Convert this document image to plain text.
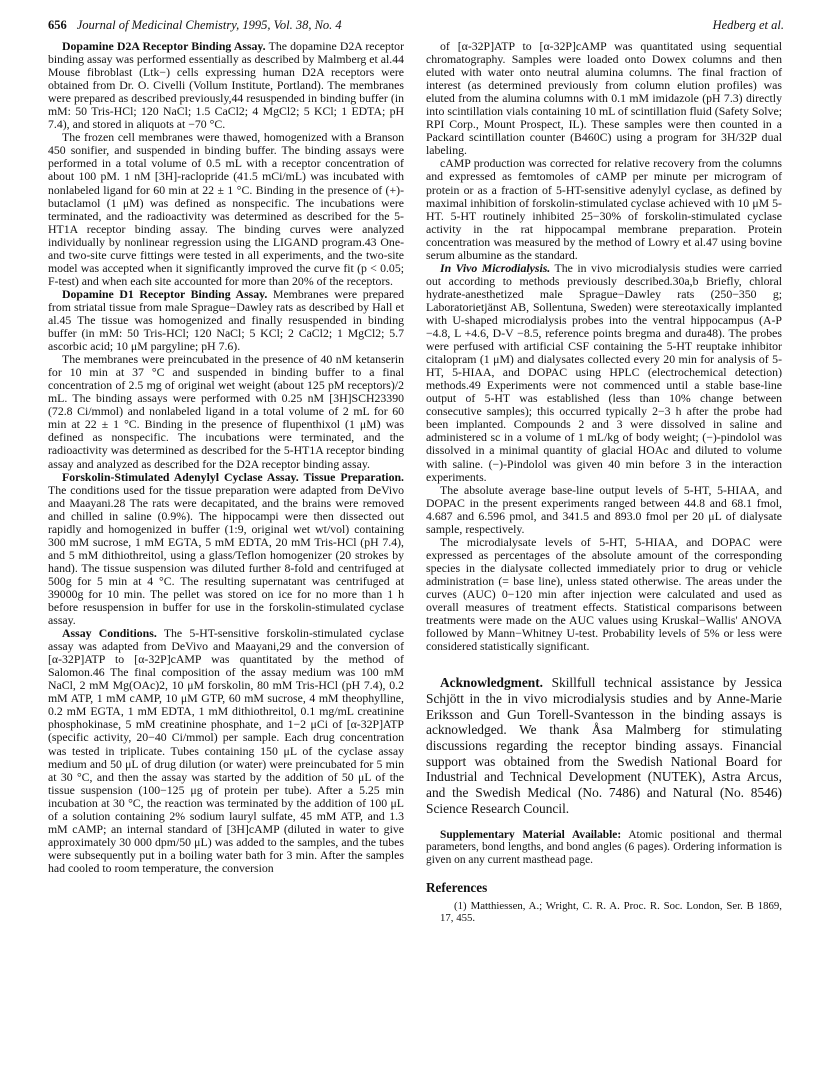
656 Journal of Medicinal Chemistry, 1995, Vol. 38, No. 4	Hedberg et al.

Dopamine D2A Receptor Binding Assay. The dopamine D2A receptor binding assay was performed essentially as described by Malmberg et al.44 Mouse fibroblast (Ltk−) cells expressing human D2A receptors were obtained from Dr. O. Civelli (Vollum Institute, Portland). The membranes were prepared as described previously,44 resuspended in binding buffer (in mM: 50 Tris-HCl; 120 NaCl; 1.5 CaCl2; 4 MgCl2; 5 KCl; 1 EDTA; pH 7.4), and stored in aliquots at −70 °C.

The frozen cell membranes were thawed, homogenized with a Branson 450 sonifier, and suspended in binding buffer. The binding assays were performed in a total volume of 0.5 mL with a receptor concentration of about 100 pM. 1 nM [3H]-raclopride (41.5 mCi/mL) was incubated with nonlabeled ligand for 60 min at 22 ± 1 °C. Binding in the presence of (+)-butaclamol (1 μM) was defined as nonspecific. The incubations were terminated, and the radioactivity was determined as described for the 5-HT1A receptor binding assay. The binding curves were analyzed individually by nonlinear regression using the LIGAND program.43 One- and two-site curve fittings were tested in all experiments, and the two-site model was accepted when it significantly improved the curve fit (p < 0.05; F-test) and when each site accounted for more than 20% of the receptors.

Dopamine D1 Receptor Binding Assay. Membranes were prepared from striatal tissue from male Sprague−Dawley rats as described by Hall et al.45 The tissue was homogenized and finally resuspended in binding buffer (in mM: 50 Tris-HCl; 120 NaCl; 5 KCl; 2 CaCl2; 1 MgCl2; 5.7 ascorbic acid; 10 μM pargyline; pH 7.6).

The membranes were preincubated in the presence of 40 nM ketanserin for 10 min at 37 °C and suspended in binding buffer to a final concentration of 2.5 mg of original wet weight (about 125 pM receptors)/2 mL. The binding assays were performed with 0.25 nM [3H]SCH23390 (72.8 Ci/mmol) and nonlabeled ligand in a total volume of 2 mL for 60 min at 22 ± 1 °C. Binding in the presence of flupenthixol (1 μM) was defined as nonspecific. The incubations were terminated, and the radioactivity was determined as described for the 5-HT1A receptor binding assay and analyzed as described for the D2A receptor binding assay.

Forskolin-Stimulated Adenylyl Cyclase Assay. Tissue Preparation. The conditions used for the tissue preparation were adapted from DeVivo and Maayani.28 The rats were decapitated, and the brains were removed and chilled in saline (0.9%). The hippocampi were then dissected out rapidly and homogenized in buffer (1:9, original wet wt/vol) containing 300 mM sucrose, 1 mM EGTA, 5 mM EDTA, 20 mM Tris-HCl (pH 7.4), and 5 mM dithiothreitol, using a glass/Teflon homogenizer (20 strokes by hand). The tissue suspension was diluted further 8-fold and centrifuged at 500g for 5 min at 4 °C. The resulting supernatant was centrifuged at 39000g for 10 min. The pellet was stored on ice for no more than 1 h before resuspension in buffer for use in the forskolin-stimulated cyclase assay.

Assay Conditions. The 5-HT-sensitive forskolin-stimulated cyclase assay was adapted from DeVivo and Maayani,29 and the conversion of [α-32P]ATP to [α-32P]cAMP was quantitated by the method of Salomon.46 The final composition of the assay medium was 100 mM NaCl, 2 mM Mg(OAc)2, 10 μM forskolin, 80 mM Tris-HCl (pH 7.4), 0.2 mM ATP, 1 mM cAMP, 10 μM GTP, 60 mM sucrose, 4 mM theophylline, 0.2 mM EGTA, 1 mM EDTA, 1 mM dithiothreitol, 0.1 mg/mL creatinine phosphokinase, 5 mM creatinine phosphate, and 1−2 μCi of [α-32P]ATP (specific activity, 20−40 Ci/mmol) per sample. Each drug concentration was tested in triplicate. Tubes containing 150 μL of the cyclase assay medium and 50 μL of drug dilution (or water) were preincubated for 5 min at 30 °C, and then the assay was started by the addition of 50 μL of the tissue suspension (100−125 μg of protein per tube). After a 5.25 min incubation at 30 °C, the reaction was terminated by the addition of 100 μL of a solution containing 2% sodium lauryl sulfate, 45 mM ATP, and 1.3 mM cAMP; an internal standard of [3H]cAMP (diluted in water to give approximately 30 000 dpm/50 μL) was added to the samples, and the tubes were subsequently put in a boiling water bath for 3 min. After the samples had cooled to room temperature, the conversion

of [α-32P]ATP to [α-32P]cAMP was quantitated using sequential chromatography. Samples were loaded onto Dowex columns and then eluted with water onto neutral alumina columns. The final fraction of interest (as determined previously from column elution profiles) was eluted from the alumina columns with 0.1 mM imidazole (pH 7.3) directly into scintillation vials containing 10 mL of scintillation fluid (Safety Solve; RPI Corp., Mount Prospect, IL). These samples were then counted in a Packard scintillation counter (B460C) using a program for 3H/32P dual labeling.

cAMP production was corrected for relative recovery from the columns and expressed as femtomoles of cAMP per minute per microgram of protein or as a fraction of 5-HT-sensitive adenylyl cyclase, as defined by maximal inhibition of forskolin-stimulated cyclase achieved with 10 μM 5-HT. 5-HT routinely inhibited 25−30% of forskolin-stimulated cyclase activity in the rat hippocampal membrane preparation. Protein concentration was measured by the method of Lowry et al.47 using bovine serum albumine as the standard.

In Vivo Microdialysis. The in vivo microdialysis studies were carried out according to methods previously described.30a,b Briefly, chloral hydrate-anesthetized male Sprague−Dawley rats (250−350 g; Laboratorietjänst AB, Sollentuna, Sweden) were stereotaxically implanted with U-shaped microdialysis probes into the ventral hippocampus (A-P −4.8, L +4.6, D-V −8.5, reference points bregma and dura48). The probes were perfused with artificial CSF containing the 5-HT reuptake inhibitor citalopram (1 μM) and dialysates collected every 20 min for analysis of 5-HT, 5-HIAA, and DOPAC using HPLC (electrochemical detection) methods.49 Experiments were not commenced until a stable base-line output of 5-HT was established (less than 10% change between consecutive samples); this occurred typically 2−3 h after the probe had been implanted. Compounds 2 and 3 were dissolved in saline and administered sc in a volume of 1 mL/kg of body weight; (−)-pindolol was dissolved in a minimal quantity of glacial HOAc and diluted to volume with saline. (−)-Pindolol was given 40 min before 3 in the interaction experiments.

The absolute average base-line output levels of 5-HT, 5-HIAA, and DOPAC in the present experiments ranged between 44.8 and 68.1 fmol, 4.687 and 6.596 pmol, and 341.5 and 893.0 fmol per 20 μL of dialysate sample, respectively.

The microdialysate levels of 5-HT, 5-HIAA, and DOPAC were expressed as percentages of the absolute amount of the corresponding species in the dialysate collected immediately prior to drug or vehicle administration (= base line), unless stated otherwise. The areas under the curves (AUC) 0−120 min after injection were calculated and used as overall measures of treatment effects. Statistical comparisons between treatments were made on the AUC values using Kruskal−Wallis' ANOVA followed by Mann−Whitney U-test. Probability levels of 5% or less were considered statistically significant.

Acknowledgment. Skillfull technical assistance by Jessica Schjött in the in vivo microdialysis studies and by Anne-Marie Eriksson and Gun Torell-Svantesson in the binding assays is acknowledged. We thank Åsa Malmberg for stimulating discussions regarding the receptor binding assays. Financial support was obtained from the Swedish National Board for Industrial and Technical Development (NUTEK), Astra Arcus, and the Swedish Medical (No. 7486) and Natural (No. 8546) Science Research Council.

Supplementary Material Available: Atomic positional and thermal parameters, bond lengths, and bond angles (6 pages). Ordering information is given on any current masthead page.

References

(1) Matthiessen, A.; Wright, C. R. A. Proc. R. Soc. London, Ser. B 1869, 17, 455.
